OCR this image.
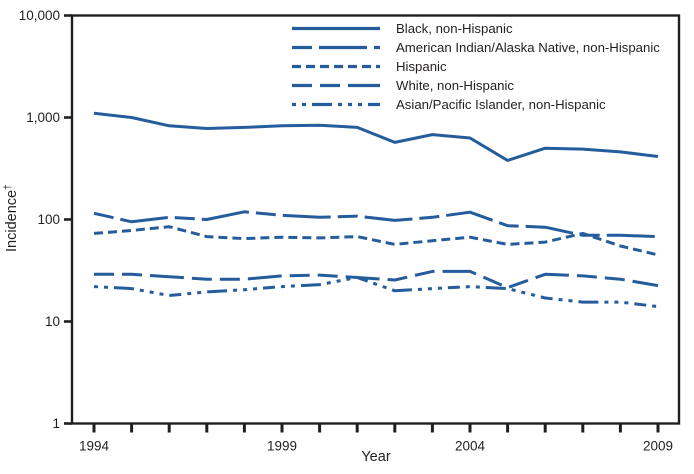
10,000
1,000
100
10
1
1994	1999	2004	2009
Black, non-Hispanic
American Indian/Alaska Native, non-Hispanic
Hispanic
White, non-Hispanic
Asian/Pacific Islander, non-Hispanic
Incidence†
Year
